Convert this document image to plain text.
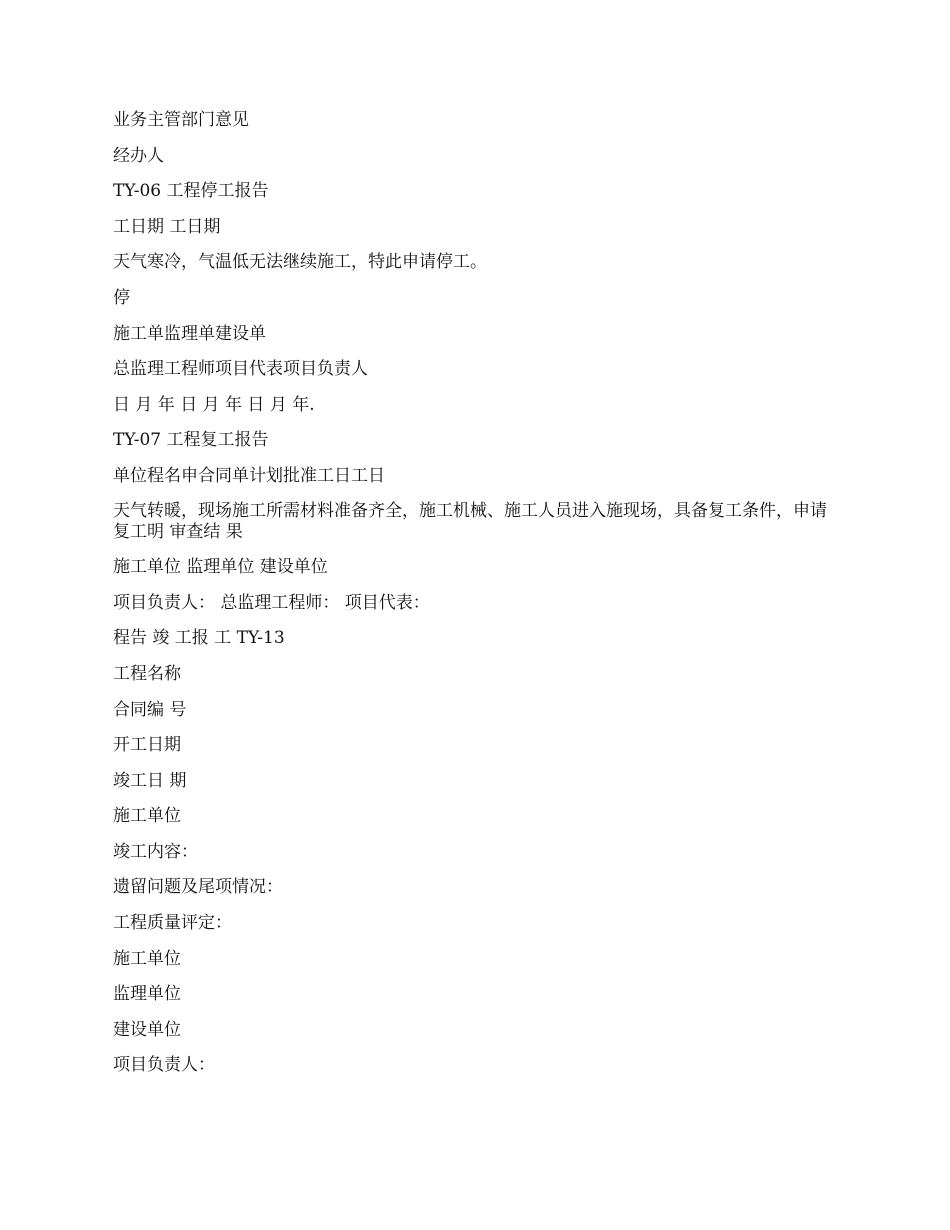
业务主管部门意见
经办人
TY-06 工程停工报告
工日期 工日期
天气寒冷，气温低无法继续施工，特此申请停工。
停
施工单监理单建设单
总监理工程师项目代表项目负责人
日 月 年 日 月 年 日 月 年.
TY-07 工程复工报告
单位程名申合同单计划批准工日工日
天气转暖，现场施工所需材料准备齐全，施工机械、施工人员进入施现场，具备复工条件，申请复工明 审查结 果
施工单位 监理单位 建设单位
项目负责人： 总监理工程师： 项目代表：
程告 竣 工报 工 TY-13
工程名称
合同编 号
开工日期
竣工日 期
施工单位
竣工内容：
遗留问题及尾项情况：
工程质量评定：
施工单位
监理单位
建设单位
项目负责人：
